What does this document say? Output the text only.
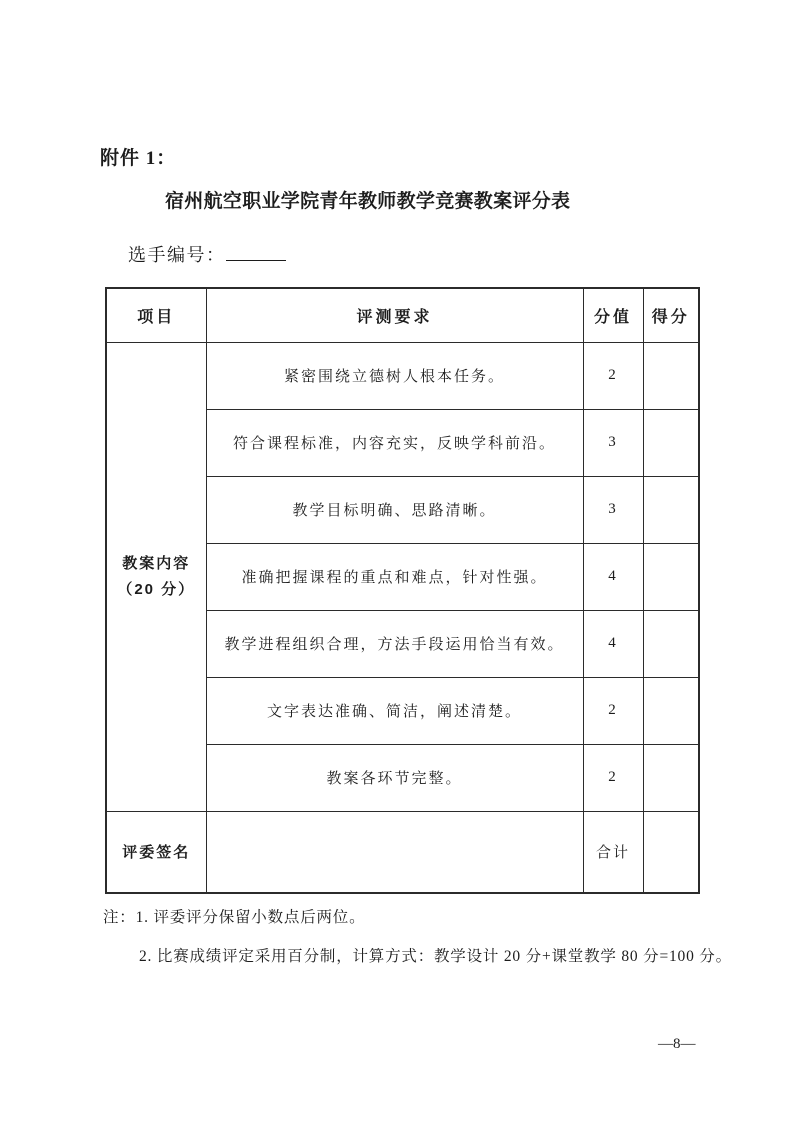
附件 1：
宿州航空职业学院青年教师教学竞赛教案评分表
选手编号：
项目	评测要求	分值	得分

教案内容
（20 分）	紧密围绕立德树人根本任务。	2	
	符合课程标准，内容充实，反映学科前沿。	3	
	教学目标明确、思路清晰。	3	
	准确把握课程的重点和难点，针对性强。	4	
	教学进程组织合理，方法手段运用恰当有效。	4	
	文字表达准确、简洁，阐述清楚。	2	
	教案各环节完整。	2	
评委签名		合计	
注：1. 评委评分保留小数点后两位。
2. 比赛成绩评定采用百分制，计算方式：教学设计 20 分+课堂教学 80 分=100 分。
—8—
